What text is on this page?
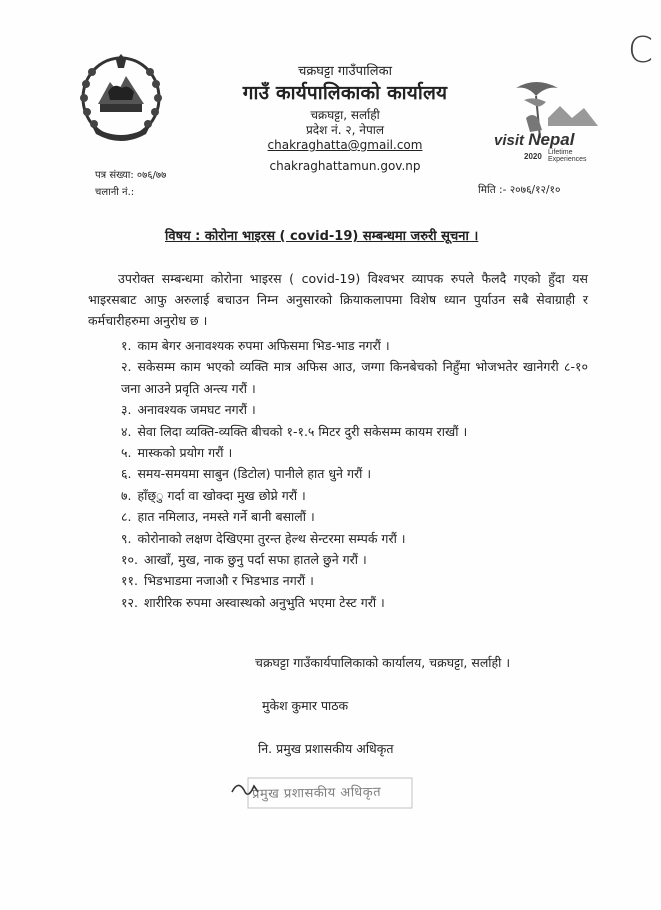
C
चक्रघट्टा गाउँपालिका
गाउँ कार्यपालिकाको कार्यालय
चक्रघट्टा, सर्लाही
प्रदेश नं. २, नेपाल
chakraghatta@gmail.com
chakraghattamun.gov.np
visit Nepal
2020 Lifetime
Experiences
पत्र संख्या: ०७६/७७
चलानी नं.:	मिति :- २०७६/१२/१०
विषय : कोरोना भाइरस ( covid-19) सम्बन्धमा जरुरी सूचना ।

उपरोक्त सम्बन्धमा कोरोना भाइरस ( covid-19) विश्वभर व्यापक रुपले फैलदै गएको हुँदा यस भाइरसबाट आफु अरुलाई बचाउन निम्न अनुसारको क्रियाकलापमा विशेष ध्यान पुर्याउन सबै सेवाग्राही र कर्मचारीहरुमा अनुरोध छ ।

१. काम बेगर अनावश्यक रुपमा अफिसमा भिड-भाड नगरौं ।
२. सकेसम्म काम भएको व्यक्ति मात्र अफिस आउ, जग्गा किनबेचको निहुँमा भोजभतेर खानेगरी ८-१० जना आउने प्रवृति अन्त्य गरौं ।
३. अनावश्यक जमघट नगरौं ।
४. सेवा लिदा व्यक्ति-व्यक्ति बीचको १-१.५ मिटर दुरी सकेसम्म कायम राखौं ।
५. मास्कको प्रयोग गरौं ।
६. समय-समयमा साबुन (डिटोल) पानीले हात धुने गरौं ।
७. हाँछ्ु गर्दा वा खोक्दा मुख छोप्ने गरौं ।
८. हात नमिलाउ, नमस्ते गर्ने बानी बसालौं ।
९. कोरोनाको लक्षण देखिएमा तुरन्त हेल्थ सेन्टरमा सम्पर्क गरौं ।
१०. आखाँ, मुख, नाक छुनु पर्दा सफा हातले छुने गरौं ।
११. भिडभाडमा नजाऔ र भिडभाड नगरौं ।
१२. शारीरिक रुपमा अस्वास्थको अनुभुति भएमा टेस्ट गरौं ।
चक्रघट्टा गाउँकार्यपालिकाको कार्यालय, चक्रघट्टा, सर्लाही ।
मुकेश कुमार पाठक
नि. प्रमुख प्रशासकीय अधिकृत
प्रमुख प्रशासकीय अधिकृत
